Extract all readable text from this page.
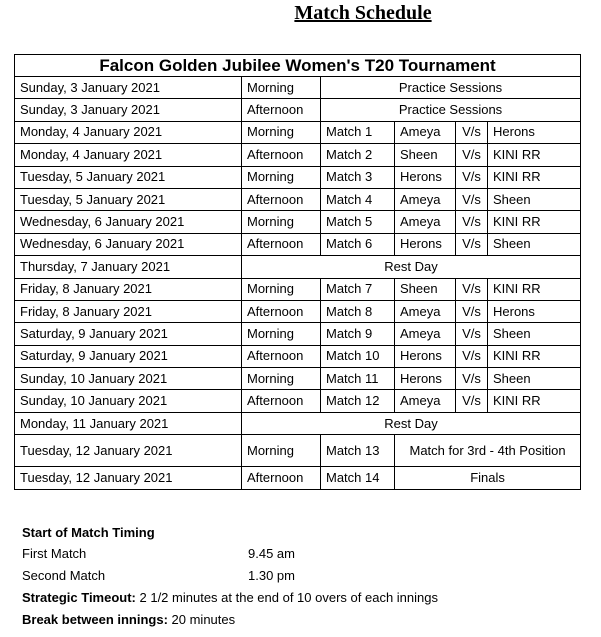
Match Schedule
Falcon Golden Jubilee Women's T20 Tournament					
Sunday, 3 January 2021	Morning	Practice Sessions			
Sunday, 3 January 2021	Afternoon	Practice Sessions			
Monday, 4 January 2021	Morning	Match 1	Ameya	V/s	Herons
Monday, 4 January 2021	Afternoon	Match 2	Sheen	V/s	KINI RR
Tuesday, 5 January 2021	Morning	Match 3	Herons	V/s	KINI RR
Tuesday, 5 January 2021	Afternoon	Match 4	Ameya	V/s	Sheen
Wednesday, 6 January 2021	Morning	Match 5	Ameya	V/s	KINI RR
Wednesday, 6 January 2021	Afternoon	Match 6	Herons	V/s	Sheen
Thursday, 7 January 2021	Rest Day				
Friday, 8 January 2021	Morning	Match 7	Sheen	V/s	KINI RR
Friday, 8 January 2021	Afternoon	Match 8	Ameya	V/s	Herons
Saturday, 9 January 2021	Morning	Match 9	Ameya	V/s	Sheen
Saturday, 9 January 2021	Afternoon	Match 10	Herons	V/s	KINI RR
Sunday, 10 January 2021	Morning	Match 11	Herons	V/s	Sheen
Sunday, 10 January 2021	Afternoon	Match 12	Ameya	V/s	KINI RR
Monday, 11 January 2021	Rest Day				
Tuesday, 12 January 2021	Morning	Match 13	Match for 3rd - 4th Position		
Tuesday, 12 January 2021	Afternoon	Match 14	Finals		
Start of Match Timing
First Match	9.45 am
Second Match	1.30 pm
Strategic Timeout: 2 1/2 minutes at the end of 10 overs of each innings
Break between innings: 20 minutes
